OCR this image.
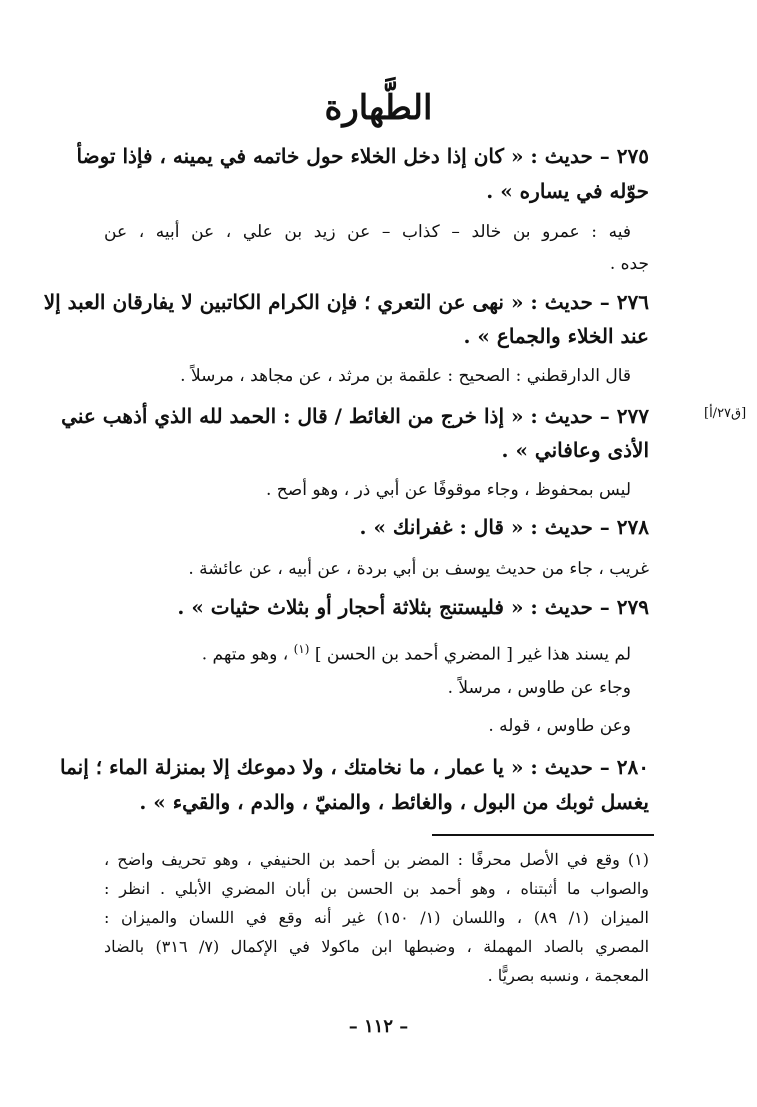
الطَّهارة
[ق٢٧/أ]
٢٧٥ – حديث : « كان إذا دخل الخلاء حول خاتمه في يمينه ، فإذا توضأ
حوّله في يساره » .
فيه : عمرو بن خالد – كذاب – عن زيد بن علي ، عن أبيه ، عن
جده .
٢٧٦ – حديث : « نهى عن التعري ؛ فإن الكرام الكاتبين لا يفارقان العبد إلا
عند الخلاء والجماع » .
قال الدارقطني : الصحيح : علقمة بن مرثد ، عن مجاهد ، مرسلاً .
٢٧٧ – حديث : « إذا خرج من الغائط / قال : الحمد لله الذي أذهب عني
الأذى وعافاني » .
ليس بمحفوظ ، وجاء موقوفًا عن أبي ذر ، وهو أصح .
٢٧٨ – حديث : « قال : غفرانك » .
غريب ، جاء من حديث يوسف بن أبي بردة ، عن أبيه ، عن عائشة .
٢٧٩ – حديث : « فليستنج بثلاثة أحجار أو بثلاث حثيات » .
لم يسند هذا غير [ المضري أحمد بن الحسن ] $^{(١)}$ ، وهو متهم .
وجاء عن طاوس ، مرسلاً .
وعن طاوس ، قوله .
٢٨٠ – حديث : « يا عمار ، ما نخامتك ، ولا دموعك إلا بمنزلة الماء ؛ إنما
يغسل ثوبك من البول ، والغائط ، والمنيّ ، والدم ، والقيء » .
(١) وقع في الأصل محرفًا : المضر بن أحمد بن الحنيفي ، وهو تحريف واضح ،
والصواب ما أثبتناه ، وهو أحمد بن الحسن بن أبان المضري الأبلي . انظر :
الميزان (١/ ٨٩) ، واللسان (١/ ١٥٠) غير أنه وقع في اللسان والميزان :
المصري بالصاد المهملة ، وضبطها ابن ماكولا في الإكمال (٧/ ٣١٦) بالضاد
المعجمة ، ونسبه بصريًّا .
– ١١٢ –
